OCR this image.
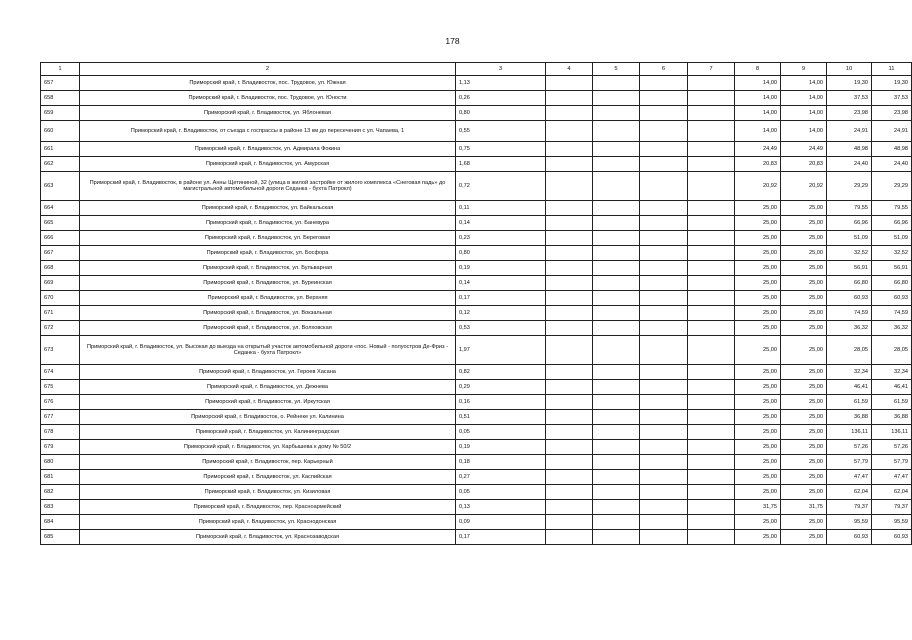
178
1	2	3	4	5	6	7	8	9	10	11
657	Приморский край, г. Владивосток, пос. Трудовое, ул. Южная	1,13					14,00	14,00	19,30	19,30
658	Приморский край, г. Владивосток, пос. Трудовое, ул. Юности	0,26					14,00	14,00	37,53	37,53
659	Приморский край, г. Владивосток, ул. Яблоневая	0,80					14,00	14,00	23,98	23,98
660	Приморский край, г. Владивосток, от съезда с госпрасcы в районе 13 км до пересечения с ул. Чапаева, 1	0,55					14,00	14,00	24,91	24,91
661	Приморский край, г. Владивосток, ул. Адмирала Фокина	0,75					24,49	24,49	48,98	48,98
662	Приморский край, г. Владивосток, ул. Амурская	1,68					20,83	20,83	24,40	24,40
663	Приморский край, г. Владивосток, в районе ул. Анны Щетининой, 32 (улица в жилой застройке от жилого комплекса «Снеговая падь» до магистральной автомобильной дороги Седанка - бухта Патрокл)	0,72					20,92	20,92	29,29	29,29
664	Приморский край, г. Владивосток, ул. Байкальская	0,11					25,00	25,00	79,55	79,55
665	Приморский край, г. Владивосток, ул. Баневура	0,14					25,00	25,00	66,96	66,96
666	Приморский край, г. Владивосток, ул. Береговая	0,23					25,00	25,00	51,09	51,09
667	Приморский край, г. Владивосток, ул. Босфора	0,80					25,00	25,00	32,52	32,52
668	Приморский край, г. Владивосток, ул. Бульварная	0,19					25,00	25,00	56,91	56,91
669	Приморский край, г. Владивосток, ул. Буреинская	0,14					25,00	25,00	66,80	66,80
670	Приморский край, г. Владивосток, ул. Верхняя	0,17					25,00	25,00	60,93	60,93
671	Приморский край, г. Владивосток, ул. Вокзальная	0,12					25,00	25,00	74,59	74,59
672	Приморский край, г. Владивосток, ул. Волховская	0,53					25,00	25,00	36,32	36,32
673	Приморский край, г. Владивосток, ул. Высокая до выезда на открытый участок автомобильной дороги «пос. Новый - полуостров Де-Фриз - Седанка - бухта Патрокл»	1,97					25,00	25,00	28,05	28,05
674	Приморский край, г. Владивосток, ул. Героев Хасана	0,82					25,00	25,00	32,34	32,34
675	Приморский край, г. Владивосток, ул. Дежнева	0,29					25,00	25,00	46,41	46,41
676	Приморский край, г. Владивосток, ул. Иркутская	0,16					25,00	25,00	61,59	61,59
677	Приморский край, г. Владивосток, о. Рейнеке ул. Калинина	0,51					25,00	25,00	36,88	36,88
678	Приморский край, г. Владивосток, ул. Калининградская	0,05					25,00	25,00	136,11	136,11
679	Приморский край, г. Владивосток, ул. Карбышева к дому № 50/2	0,19					25,00	25,00	57,26	57,26
680	Приморский край, г. Владивосток, пер. Карьерный	0,18					25,00	25,00	57,79	57,79
681	Приморский край, г. Владивосток, ул. Каспийская	0,27					25,00	25,00	47,47	47,47
682	Приморский край, г. Владивосток, ул. Кизиловая	0,05					25,00	25,00	62,04	62,04
683	Приморский край, г. Владивосток, пер. Красноармейский	0,13					31,75	31,75	79,37	79,37
684	Приморский край, г. Владивосток, ул. Краснодонская	0,09					25,00	25,00	95,59	95,59
685	Приморский край, г. Владивосток, ул. Краснозаводская	0,17					25,00	25,00	60,93	60,93
